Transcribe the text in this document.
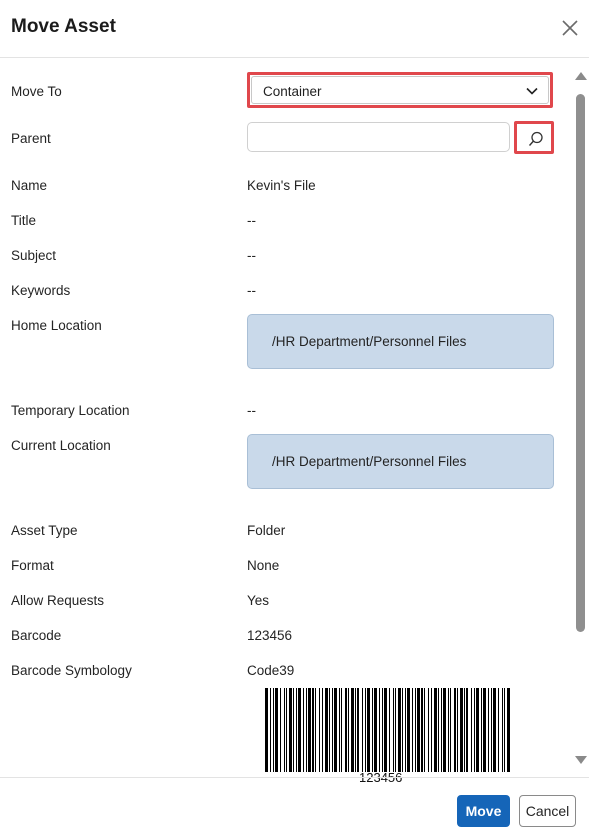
Move Asset
Move To	Container
Parent
Name	Kevin's File
Title	--
Subject	--
Keywords	--
Home Location
/HR Department/Personnel Files
Temporary Location	--
Current Location
/HR Department/Personnel Files
Asset Type	Folder
Format	None
Allow Requests	Yes
Barcode	123456
Barcode Symbology	Code39
123456
Move	Cancel
